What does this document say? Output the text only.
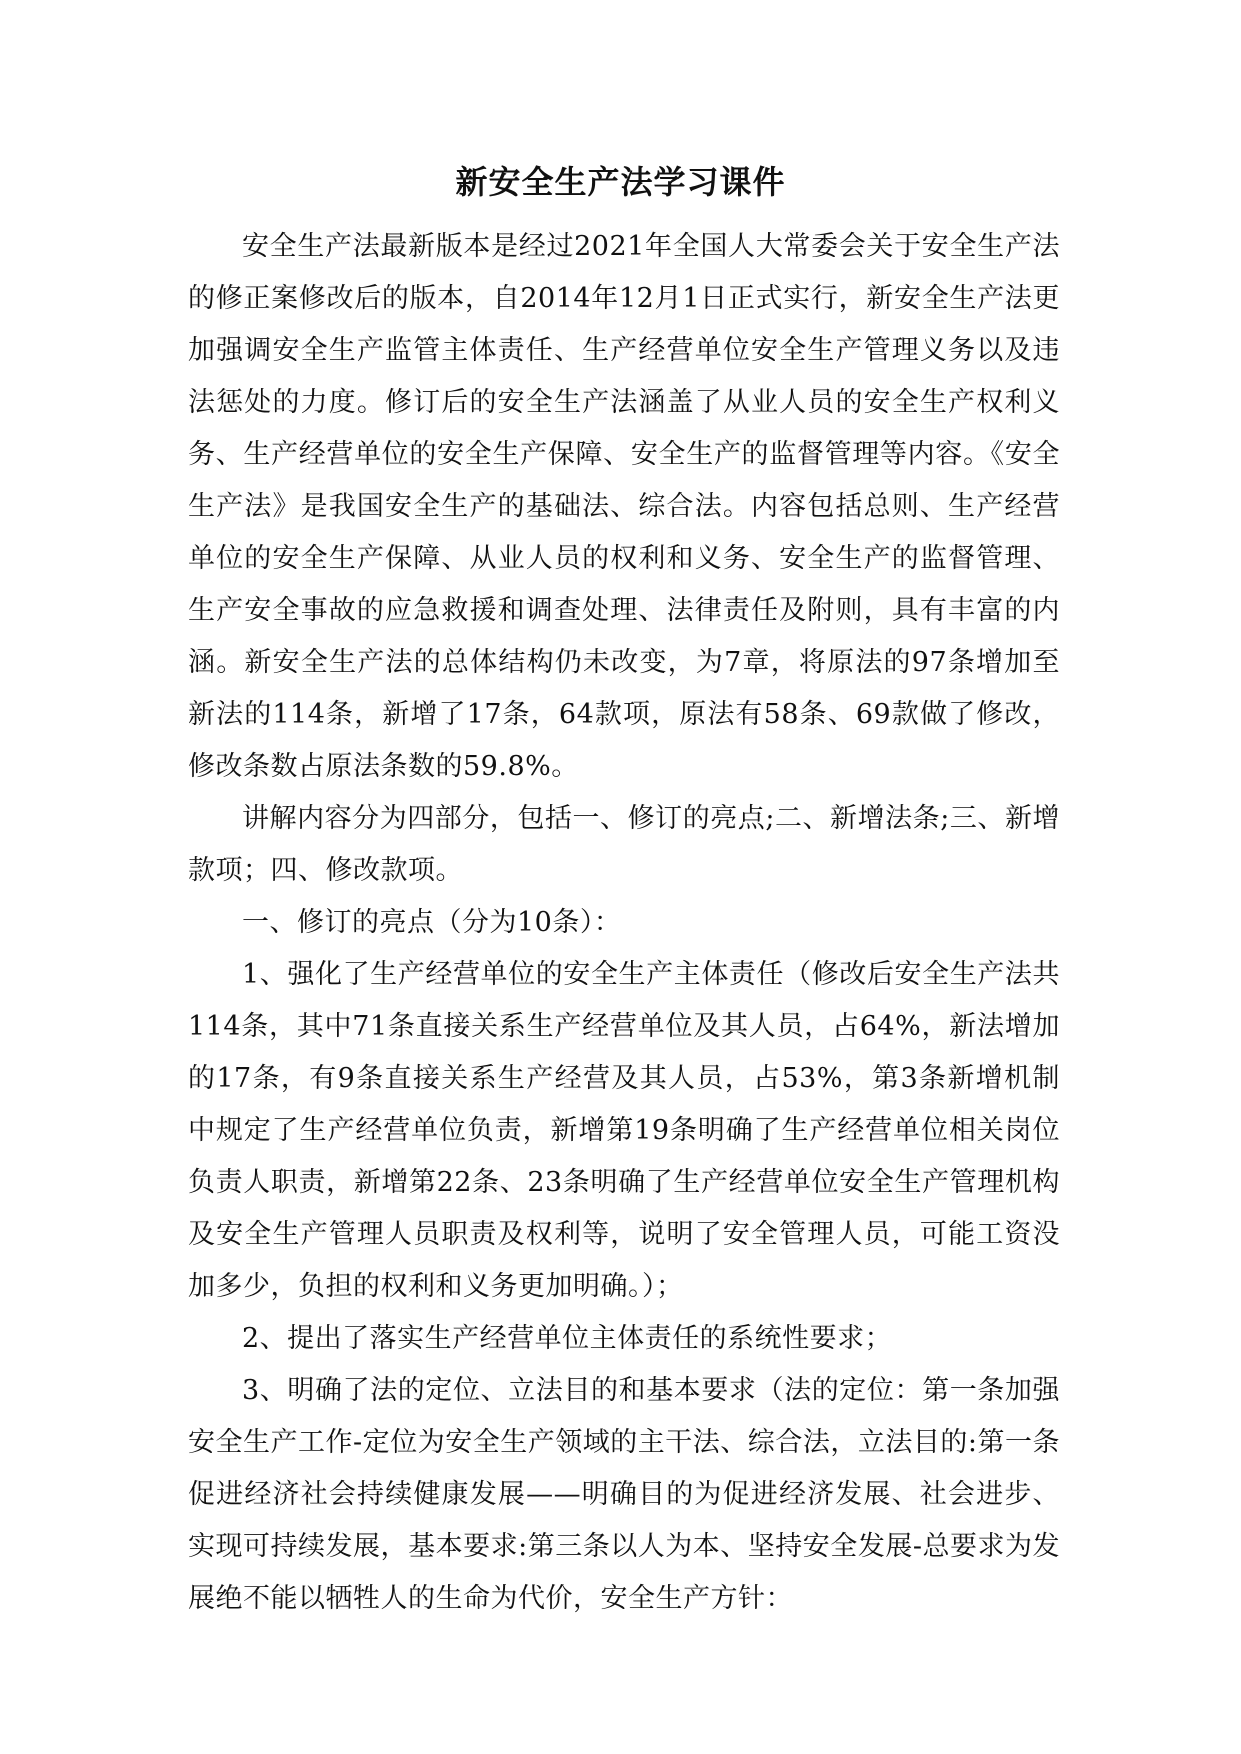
新安全生产法学习课件

安全生产法最新版本是经过2021年全国人大常委会关于安全生产法的修正案修改后的版本，自2014年12月1日正式实行，新安全生产法更加强调安全生产监管主体责任、生产经营单位安全生产管理义务以及违法惩处的力度。修订后的安全生产法涵盖了从业人员的安全生产权利义务、生产经营单位的安全生产保障、安全生产的监督管理等内容。《安全生产法》是我国安全生产的基础法、综合法。内容包括总则、生产经营单位的安全生产保障、从业人员的权利和义务、安全生产的监督管理、生产安全事故的应急救援和调查处理、法律责任及附则，具有丰富的内涵。新安全生产法的总体结构仍未改变，为7章，将原法的97条增加至新法的114条，新增了17条，64款项，原法有58条、69款做了修改，修改条数占原法条数的59.8%。

讲解内容分为四部分，包括一、修订的亮点;二、新增法条;三、新增款项；四、修改款项。

一、修订的亮点（分为10条）：

1、强化了生产经营单位的安全生产主体责任（修改后安全生产法共114条，其中71条直接关系生产经营单位及其人员，占64%，新法增加的17条，有9条直接关系生产经营及其人员，占53%，第3条新增机制中规定了生产经营单位负责，新增第19条明确了生产经营单位相关岗位负责人职责，新增第22条、23条明确了生产经营单位安全生产管理机构及安全生产管理人员职责及权利等，说明了安全管理人员，可能工资没加多少，负担的权利和义务更加明确。）；

2、提出了落实生产经营单位主体责任的系统性要求；

3、明确了法的定位、立法目的和基本要求（法的定位：第一条加强安全生产工作-定位为安全生产领域的主干法、综合法，立法目的:第一条促进经济社会持续健康发展——明确目的为促进经济发展、社会进步、实现可持续发展，基本要求:第三条以人为本、坚持安全发展-总要求为发展绝不能以牺牲人的生命为代价，安全生产方针：
